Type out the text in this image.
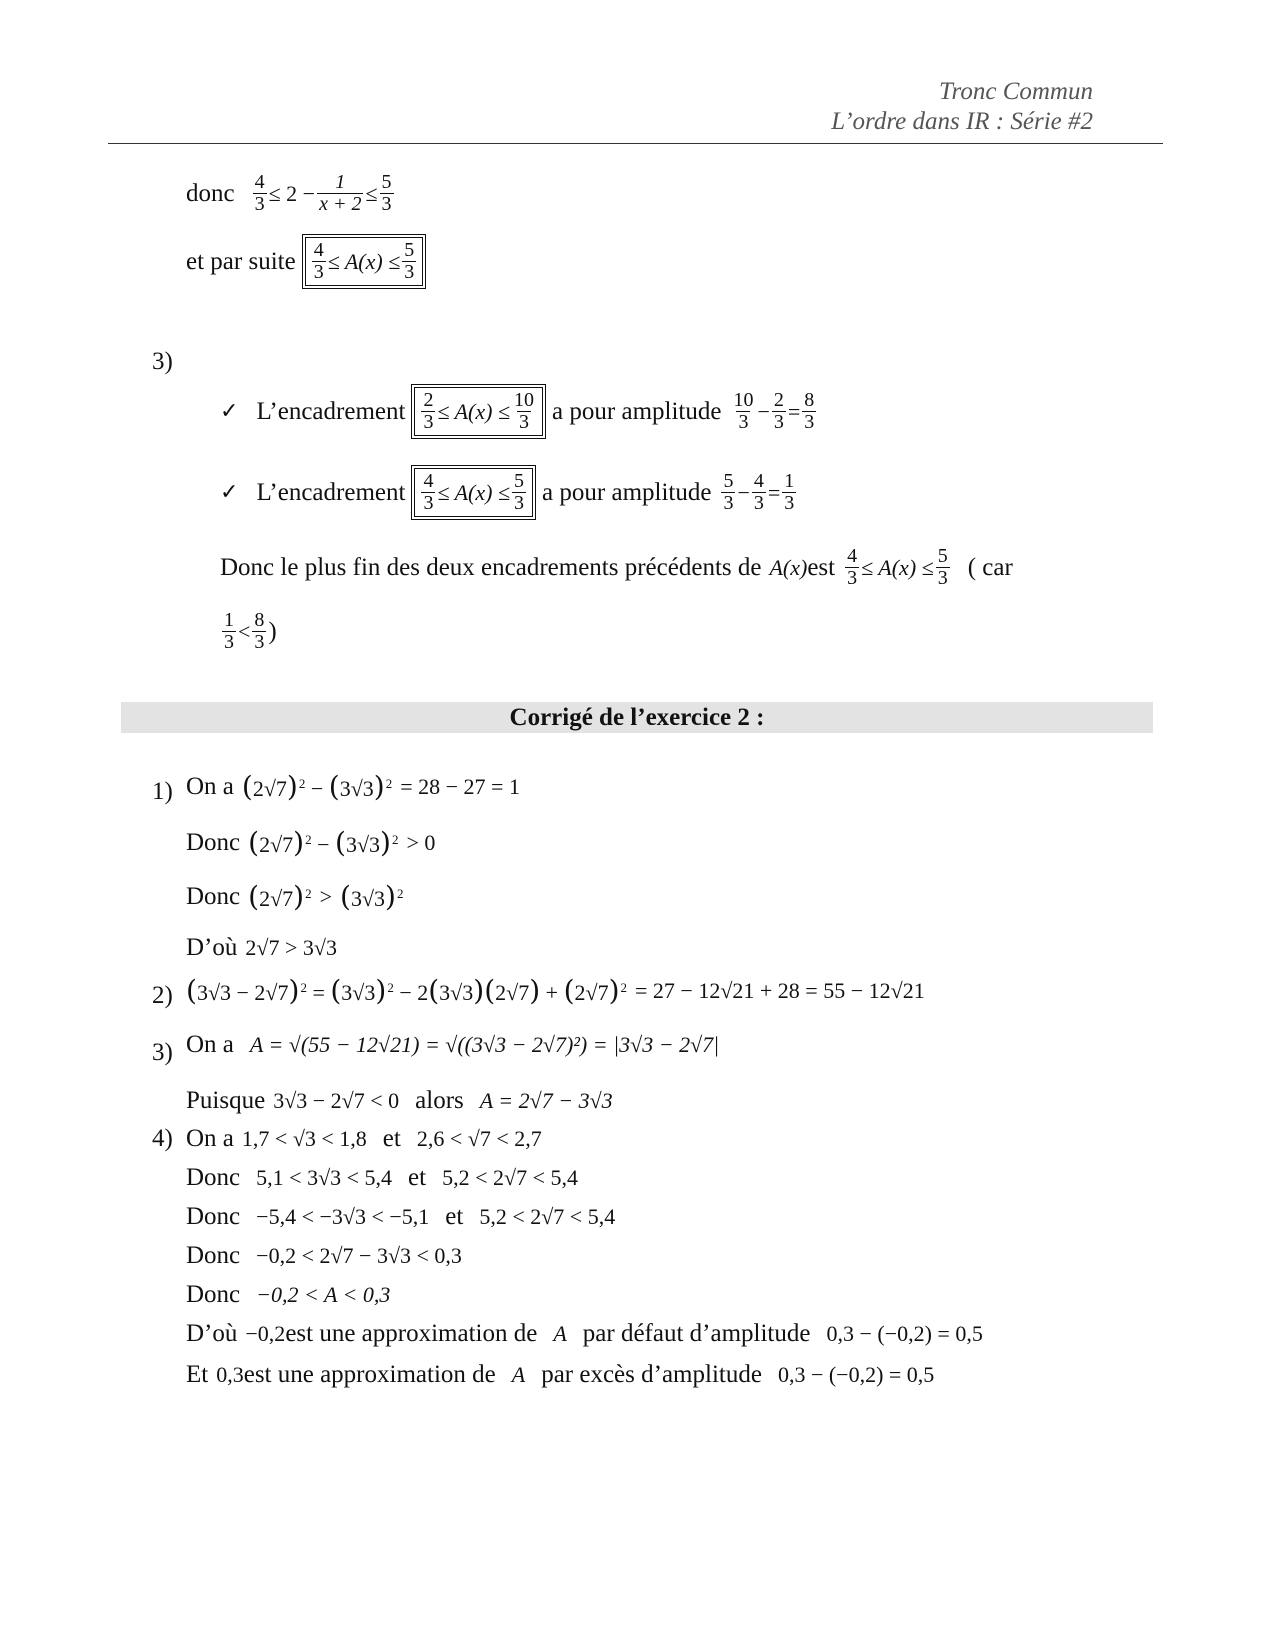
Tronc Commun
L’ordre dans IR : Série #2
donc $\frac{4}{3} \le 2 - \frac{1}{x + 2} \le \frac{5}{3}$
et par suite $\frac{4}{3} \le A(x) \le \frac{5}{3}$
3)
✓ L’encadrement $\frac{2}{3} \le A(x) \le \frac{10}{3}$ a pour amplitude $\frac{10}{3} - \frac{2}{3} = \frac{8}{3}$
✓ L’encadrement $\frac{4}{3} \le A(x) \le \frac{5}{3}$ a pour amplitude $\frac{5}{3} - \frac{4}{3} = \frac{1}{3}$
Donc le plus fin des deux encadrements précédents de A(x) est $\frac{4}{3} \le A(x) \le \frac{5}{3}$ ( car
$\frac{1}{3} < \frac{8}{3}$ )
Corrigé de l’exercice 2 :
1) On a $(2√7)^2 - (3√3)^2 = 28 - 27 = 1$
Donc $(2√7)^2 - (3√3)^2 > 0$
Donc $(2√7)^2 > (3√3)^2$
D’où 2√7 > 3√3
2) $(3√3 - 2√7)^2 = (3√3)^2 - 2(3√3)(2√7) + (2√7)^2 = 27 - 12√21 + 28 = 55 - 12√21$
3) On a A = √(55 − 12√21) = √((3√3 − 2√7)²) = |3√3 − 2√7|
Puisque 3√3 − 2√7 < 0 alors A = 2√7 − 3√3
4) On a 1,7 < √3 < 1,8 et 2,6 < √7 < 2,7
Donc 5,1 < 3√3 < 5,4 et 5,2 < 2√7 < 5,4
Donc −5,4 < −3√3 < −5,1 et 5,2 < 2√7 < 5,4
Donc −0,2 < 2√7 − 3√3 < 0,3
Donc −0,2 < A < 0,3
D’où −0,2 est une approximation de A par défaut d’amplitude 0,3 − (−0,2) = 0,5
Et 0,3 est une approximation de A par excès d’amplitude 0,3 − (−0,2) = 0,5
